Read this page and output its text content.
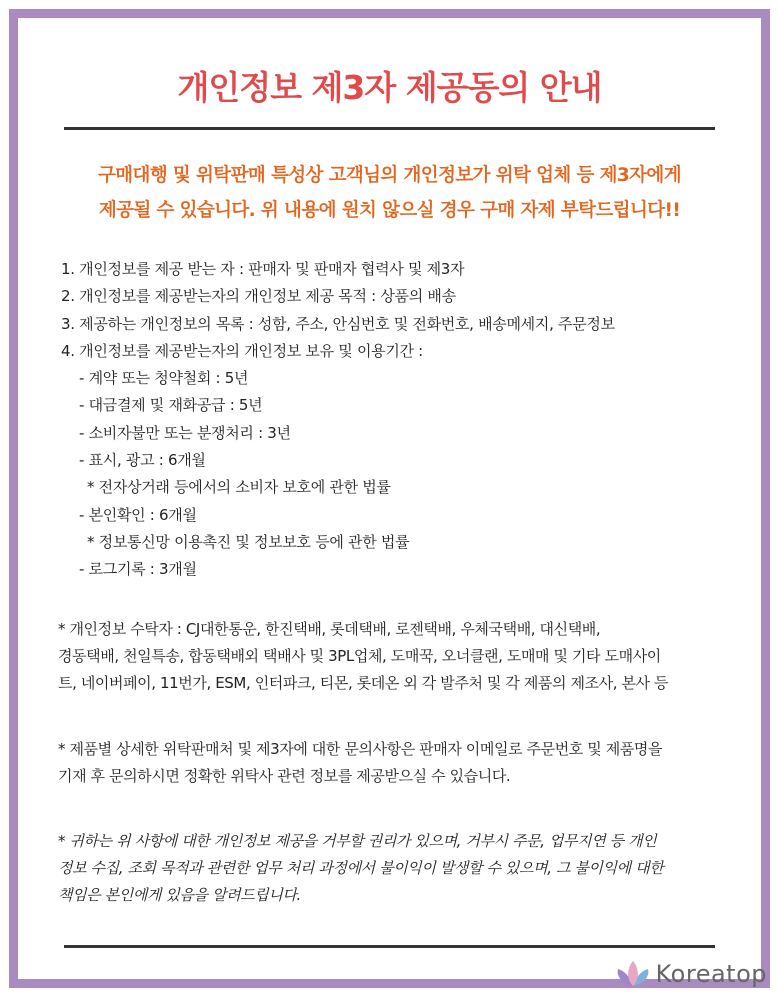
개인정보 제3자 제공동의 안내

구매대행 및 위탁판매 특성상 고객님의 개인정보가 위탁 업체 등 제3자에게
제공될 수 있습니다. 위 내용에 원치 않으실 경우 구매 자제 부탁드립니다!!

1. 개인정보를 제공 받는 자 : 판매자 및 판매자 협력사 및 제3자
2. 개인정보를 제공받는자의 개인정보 제공 목적 : 상품의 배송
3. 제공하는 개인정보의 목록 : 성함, 주소, 안심번호 및 전화번호, 배송메세지, 주문정보
4. 개인정보를 제공받는자의 개인정보 보유 및 이용기간 :
- 계약 또는 청약철회 : 5년
- 대금결제 및 재화공급 : 5년
- 소비자불만 또는 분쟁처리 : 3년
- 표시, 광고 : 6개월
* 전자상거래 등에서의 소비자 보호에 관한 법률
- 본인확인 : 6개월
* 정보통신망 이용촉진 및 정보보호 등에 관한 법률
- 로그기록 : 3개월

* 개인정보 수탁자 : CJ대한통운, 한진택배, 롯데택배, 로젠택배, 우체국택배, 대신택배,
경동택배, 천일특송, 합동택배외 택배사 및 3PL업체, 도매꾹, 오너클랜, 도매매 및 기타 도매사이
트, 네이버페이, 11번가, ESM, 인터파크, 티몬, 롯데온 외 각 발주처 및 각 제품의 제조사, 본사 등

* 제품별 상세한 위탁판매처 및 제3자에 대한 문의사항은 판매자 이메일로 주문번호 및 제품명을
기재 후 문의하시면 정확한 위탁사 관련 정보를 제공받으실 수 있습니다.

* 귀하는 위 사항에 대한 개인정보 제공을 거부할 권리가 있으며, 거부시 주문, 업무지연 등 개인
정보 수집, 조회 목적과 관련한 업무 처리 과정에서 불이익이 발생할 수 있으며, 그 불이익에 대한
책임은 본인에게 있음을 알려드립니다.

Koreatop
